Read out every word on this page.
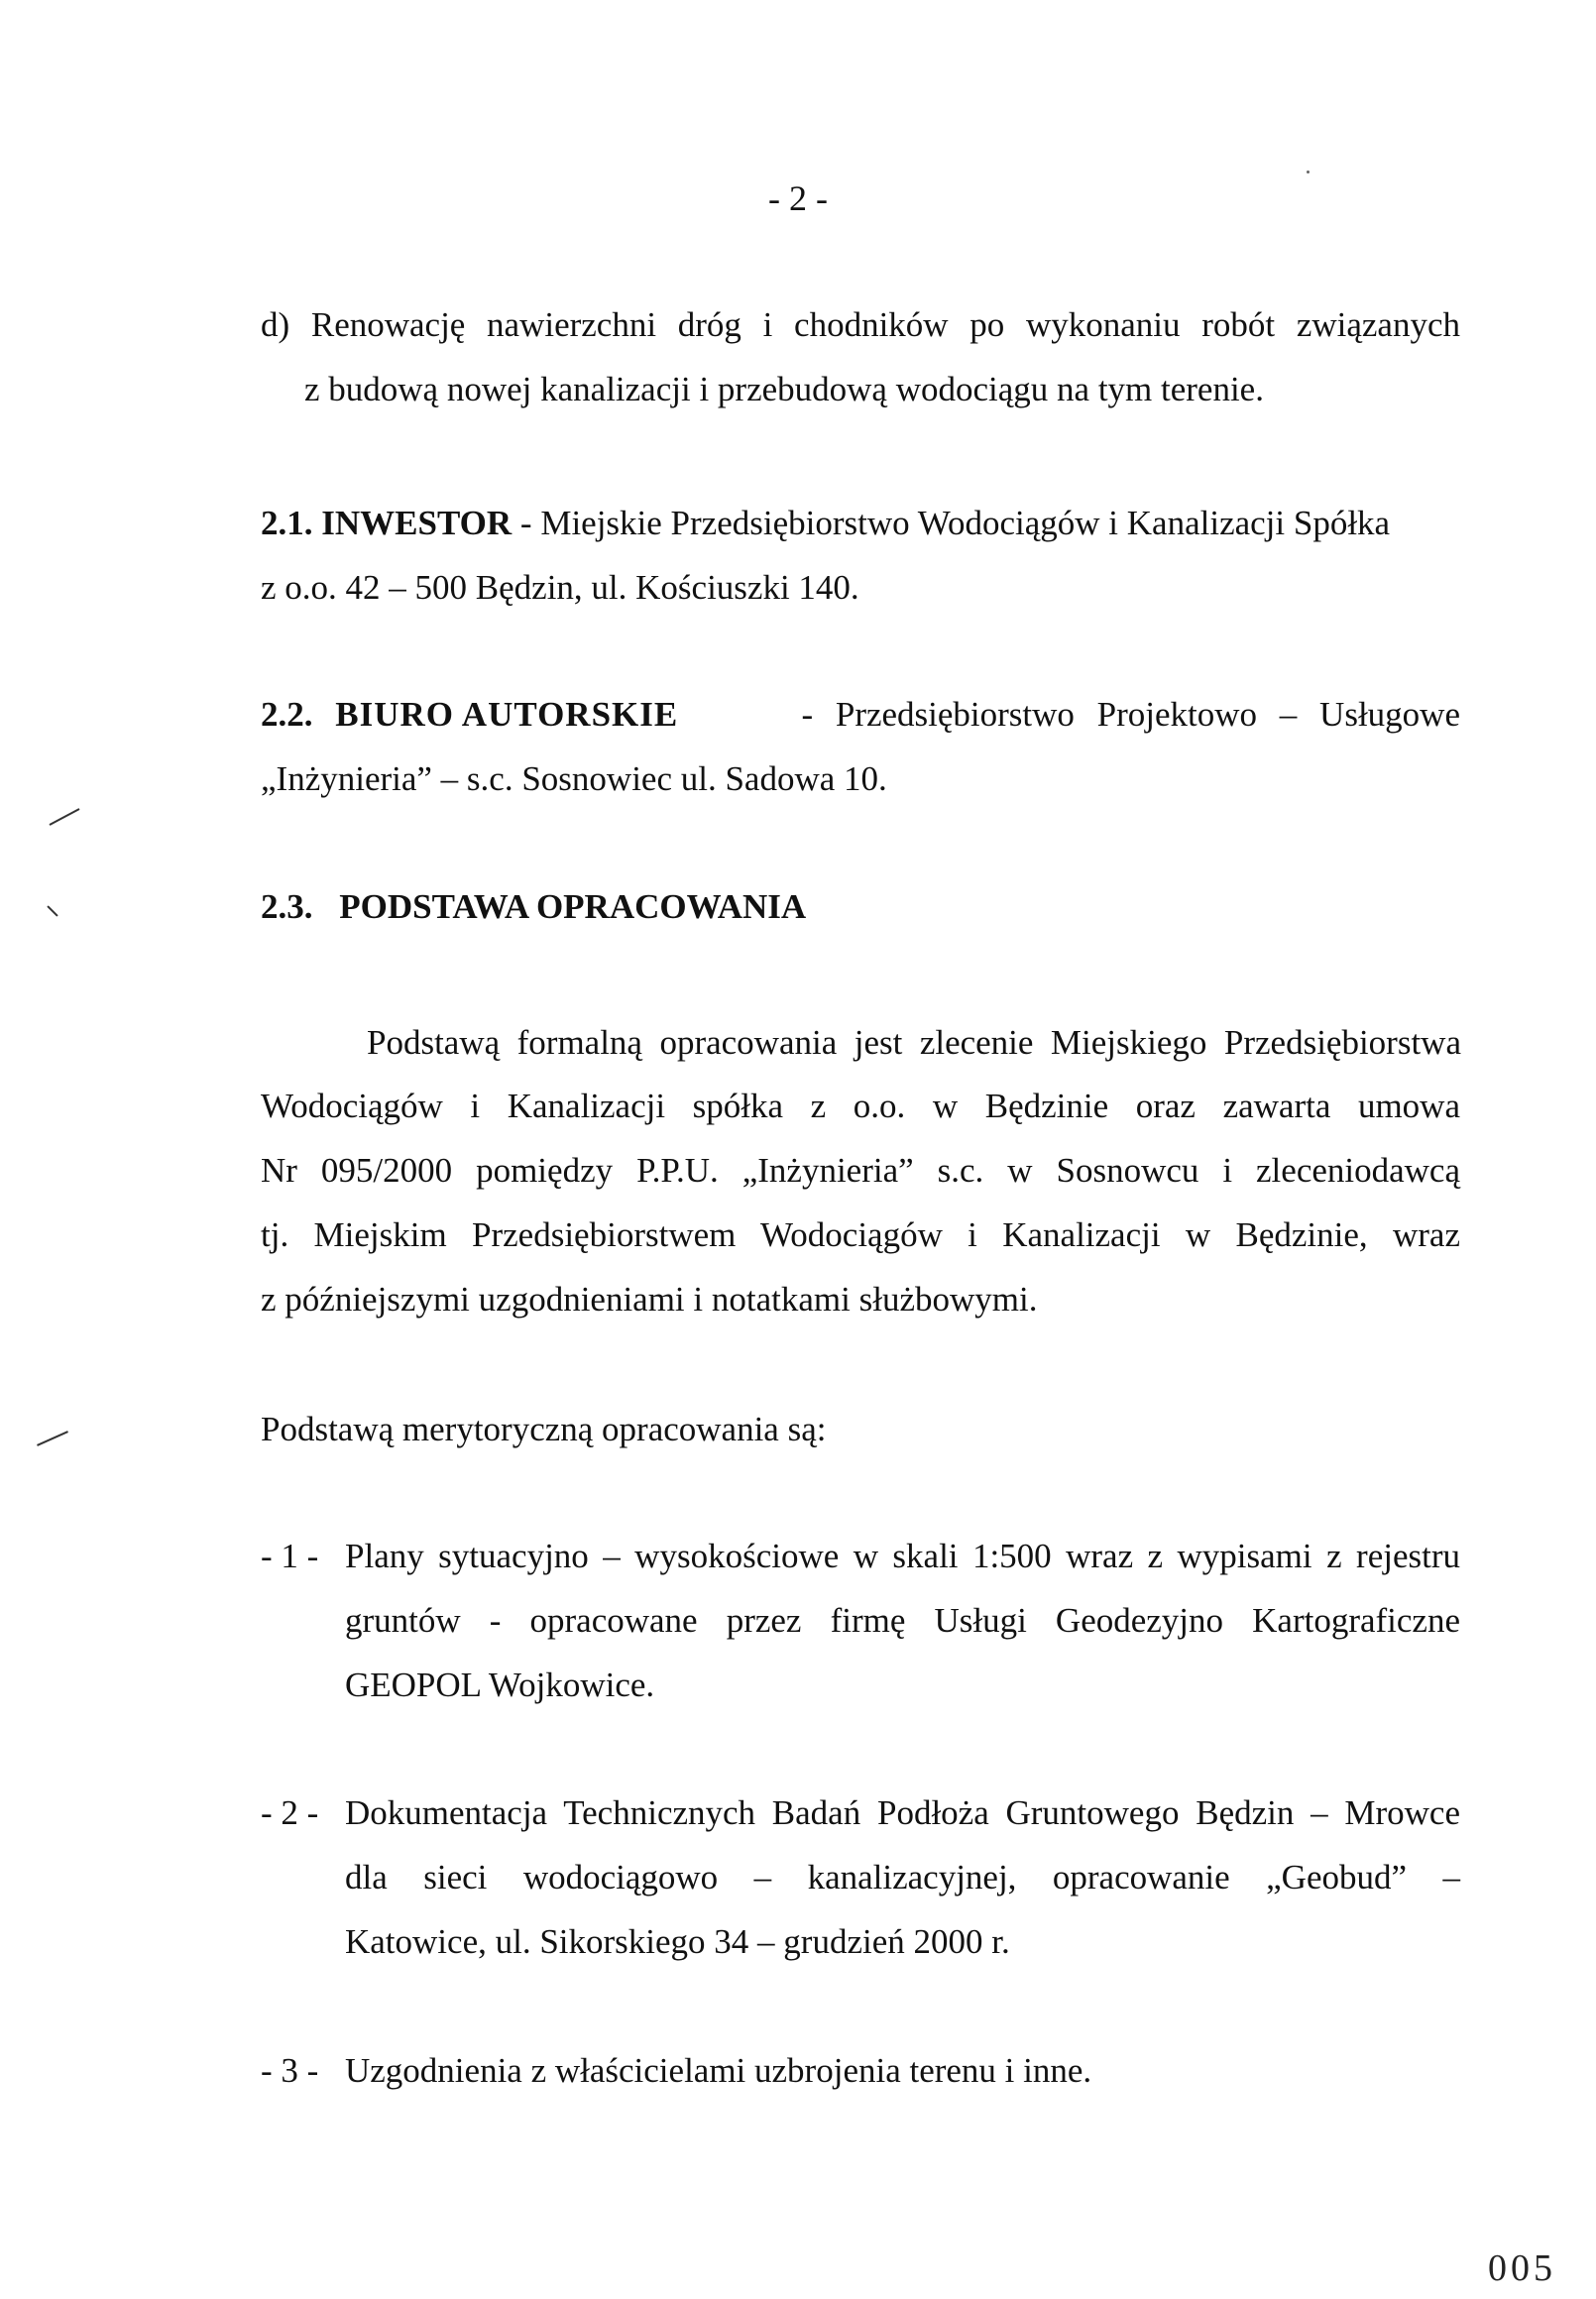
- 2 -
d) Renowację nawierzchni dróg i chodników po wykonaniu robót związanych
z budową nowej kanalizacji i przebudową wodociągu na tym terenie.
2.1. INWESTOR - Miejskie Przedsiębiorstwo Wodociągów i Kanalizacji Spółka
z o.o. 42 – 500 Będzin, ul. Kościuszki 140.
2.2. BIURO AUTORSKIE	- Przedsiębiorstwo Projektowo – Usługowe
„Inżynieria” – s.c. Sosnowiec ul. Sadowa 10.
2.3. PODSTAWA OPRACOWANIA
Podstawą formalną opracowania jest zlecenie Miejskiego Przedsiębiorstwa
Wodociągów i Kanalizacji spółka z o.o. w Będzinie oraz zawarta umowa
Nr 095/2000 pomiędzy P.P.U. „Inżynieria” s.c. w Sosnowcu i zleceniodawcą
tj. Miejskim Przedsiębiorstwem Wodociągów i Kanalizacji w Będzinie, wraz
z późniejszymi uzgodnieniami i notatkami służbowymi.
Podstawą merytoryczną opracowania są:
- 1 - Plany sytuacyjno – wysokościowe w skali 1:500 wraz z wypisami z rejestru
gruntów - opracowane przez firmę Usługi Geodezyjno Kartograficzne
GEOPOL Wojkowice.
- 2 - Dokumentacja Technicznych Badań Podłoża Gruntowego Będzin – Mrowce
dla sieci wodociągowo – kanalizacyjnej, opracowanie „Geobud” –
Katowice, ul. Sikorskiego 34 – grudzień 2000 r.
- 3 - Uzgodnienia z właścicielami uzbrojenia terenu i inne.
005
